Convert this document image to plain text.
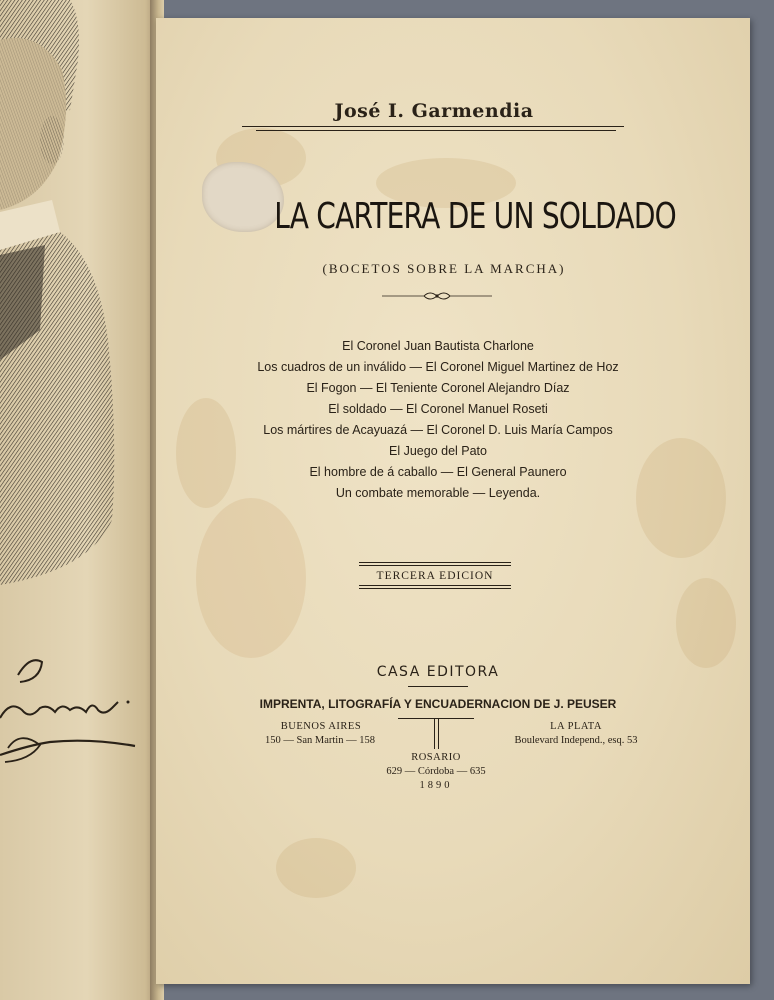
José I. Garmendia
LA CARTERA DE UN SOLDADO
(BOCETOS SOBRE LA MARCHA)
El Coronel Juan Bautista Charlone
Los cuadros de un inválido — El Coronel Miguel Martinez de Hoz
El Fogon — El Teniente Coronel Alejandro Díaz
El soldado — El Coronel Manuel Roseti
Los mártires de Acayuazá — El Coronel D. Luis María Campos
El Juego del Pato
El hombre de á caballo — El General Paunero
Un combate memorable — Leyenda.
TERCERA EDICION
CASA EDITORA
IMPRENTA, LITOGRAFÍA Y ENCUADERNACION DE J. PEUSER
BUENOS AIRES
150 — San Martin — 158
LA PLATA
Boulevard Independ., esq. 53
ROSARIO
629 — Córdoba — 635
1890
